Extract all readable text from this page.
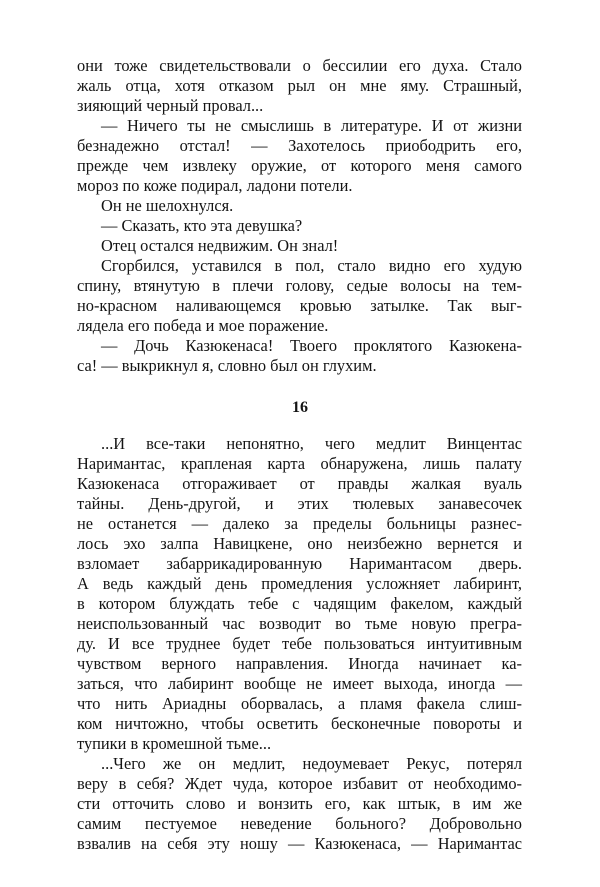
они тоже свидетельствовали о бессилии его духа. Стало
жаль отца, хотя отказом рыл он мне яму. Страшный,
зияющий черный провал...
— Ничего ты не смыслишь в литературе. И от жизни
безнадежно отстал! — Захотелось приободрить его,
прежде чем извлеку оружие, от которого меня самого
мороз по коже подирал, ладони потели.
Он не шелохнулся.
— Сказать, кто эта девушка?
Отец остался недвижим. Он знал!
Сгорбился, уставился в пол, стало видно его худую
спину, втянутую в плечи голову, седые волосы на тем-
но-красном наливающемся кровью затылке. Так выг-
лядела его победа и мое поражение.
— Дочь Казюкенаса! Твоего проклятого Казюкена-
са! — выкрикнул я, словно был он глухим.
16
...И все-таки непонятно, чего медлит Винцентас
Наримантас, крапленая карта обнаружена, лишь палату
Казюкенаса отгораживает от правды жалкая вуаль
тайны. День-другой, и этих тюлевых занавесочек
не останется — далеко за пределы больницы разнес-
лось эхо залпа Навицкене, оно неизбежно вернется и
взломает забаррикадированную Наримантасом дверь.
А ведь каждый день промедления усложняет лабиринт,
в котором блуждать тебе с чадящим факелом, каждый
неиспользованный час возводит во тьме новую прегра-
ду. И все труднее будет тебе пользоваться интуитивным
чувством верного направления. Иногда начинает ка-
заться, что лабиринт вообще не имеет выхода, иногда —
что нить Ариадны оборвалась, а пламя факела слиш-
ком ничтожно, чтобы осветить бесконечные повороты и
тупики в кромешной тьме...
...Чего же он медлит, недоумевает Рекус, потерял
веру в себя? Ждет чуда, которое избавит от необходимо-
сти отточить слово и вонзить его, как штык, в им же
самим пестуемое неведение больного? Добровольно
взвалив на себя эту ношу — Казюкенаса, — Наримантас
